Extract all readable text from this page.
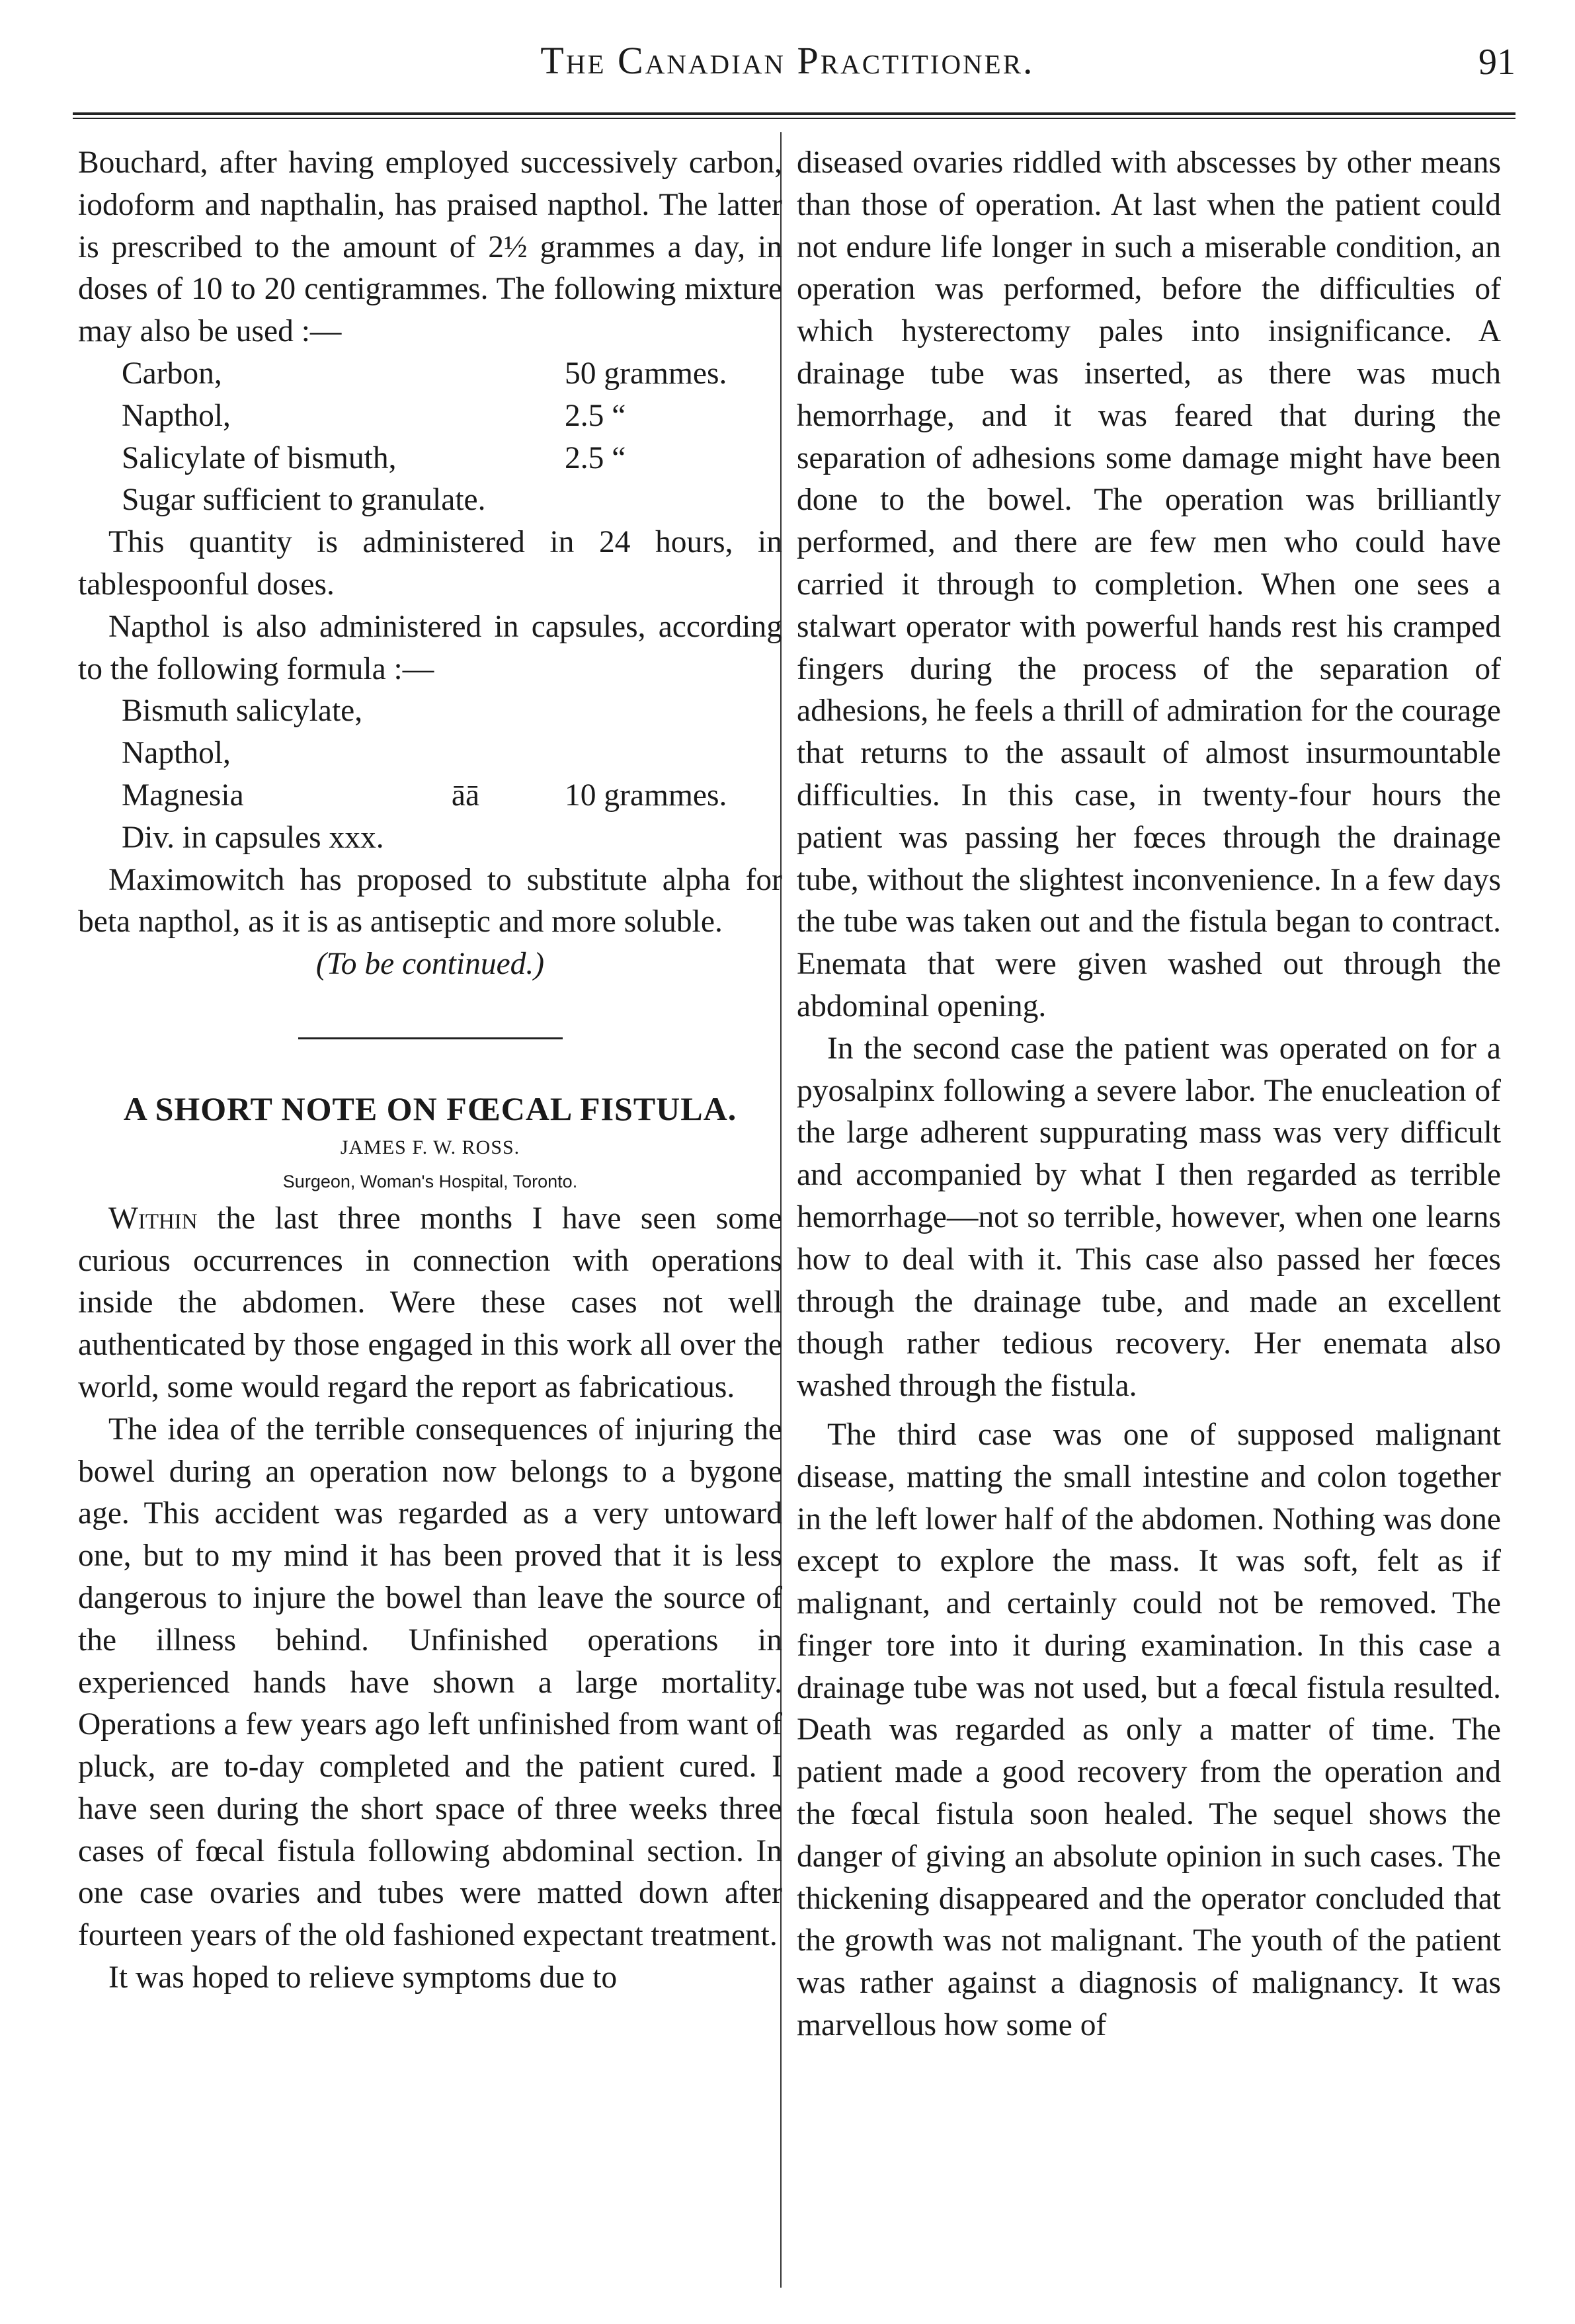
The Canadian Practitioner.	91

Bouchard, after having employed successively carbon, iodoform and napthalin, has praised napthol. The latter is prescribed to the amount of 2½ grammes a day, in doses of 10 to 20 centigrammes. The following mixture may also be used :—

Carbon,	50 grammes.
Napthol,	2.5 “
Salicylate of bismuth,	2.5 “
Sugar sufficient to granulate.

This quantity is administered in 24 hours, in tablespoonful doses.

Napthol is also administered in capsules, according to the following formula :—

Bismuth salicylate,
Napthol,
Magnesia	āā	10 grammes.
Div. in capsules xxx.

Maximowitch has proposed to substitute alpha for beta napthol, as it is as antiseptic and more soluble.

(To be continued.)

A SHORT NOTE ON FŒCAL FISTULA.

JAMES F. W. ROSS.

Surgeon, Woman's Hospital, Toronto.

Within the last three months I have seen some curious occurrences in connection with operations inside the abdomen. Were these cases not well authenticated by those engaged in this work all over the world, some would regard the report as fabricatious.

The idea of the terrible consequences of injuring the bowel during an operation now belongs to a bygone age. This accident was regarded as a very untoward one, but to my mind it has been proved that it is less dangerous to injure the bowel than leave the source of the illness behind. Unfinished operations in experienced hands have shown a large mortality. Operations a few years ago left unfinished from want of pluck, are to-day completed and the patient cured. I have seen during the short space of three weeks three cases of fœcal fistula following abdominal section. In one case ovaries and tubes were matted down after fourteen years of the old fashioned expectant treatment.

It was hoped to relieve symptoms due to

diseased ovaries riddled with abscesses by other means than those of operation. At last when the patient could not endure life longer in such a miserable condition, an operation was performed, before the difficulties of which hysterectomy pales into insignificance. A drainage tube was inserted, as there was much hemorrhage, and it was feared that during the separation of adhesions some damage might have been done to the bowel. The operation was brilliantly performed, and there are few men who could have carried it through to completion. When one sees a stalwart operator with powerful hands rest his cramped fingers during the process of the separation of adhesions, he feels a thrill of admiration for the courage that returns to the assault of almost insurmountable difficulties. In this case, in twenty-four hours the patient was passing her fœces through the drainage tube, without the slightest inconvenience. In a few days the tube was taken out and the fistula began to contract. Enemata that were given washed out through the abdominal opening.

In the second case the patient was operated on for a pyosalpinx following a severe labor. The enucleation of the large adherent suppurating mass was very difficult and accompanied by what I then regarded as terrible hemorrhage—not so terrible, however, when one learns how to deal with it. This case also passed her fœces through the drainage tube, and made an excellent though rather tedious recovery. Her enemata also washed through the fistula.

The third case was one of supposed malignant disease, matting the small intestine and colon together in the left lower half of the abdomen. Nothing was done except to explore the mass. It was soft, felt as if malignant, and certainly could not be removed. The finger tore into it during examination. In this case a drainage tube was not used, but a fœcal fistula resulted. Death was regarded as only a matter of time. The patient made a good recovery from the operation and the fœcal fistula soon healed. The sequel shows the danger of giving an absolute opinion in such cases. The thickening disappeared and the operator concluded that the growth was not malignant. The youth of the patient was rather against a diagnosis of malignancy. It was marvellous how some of
